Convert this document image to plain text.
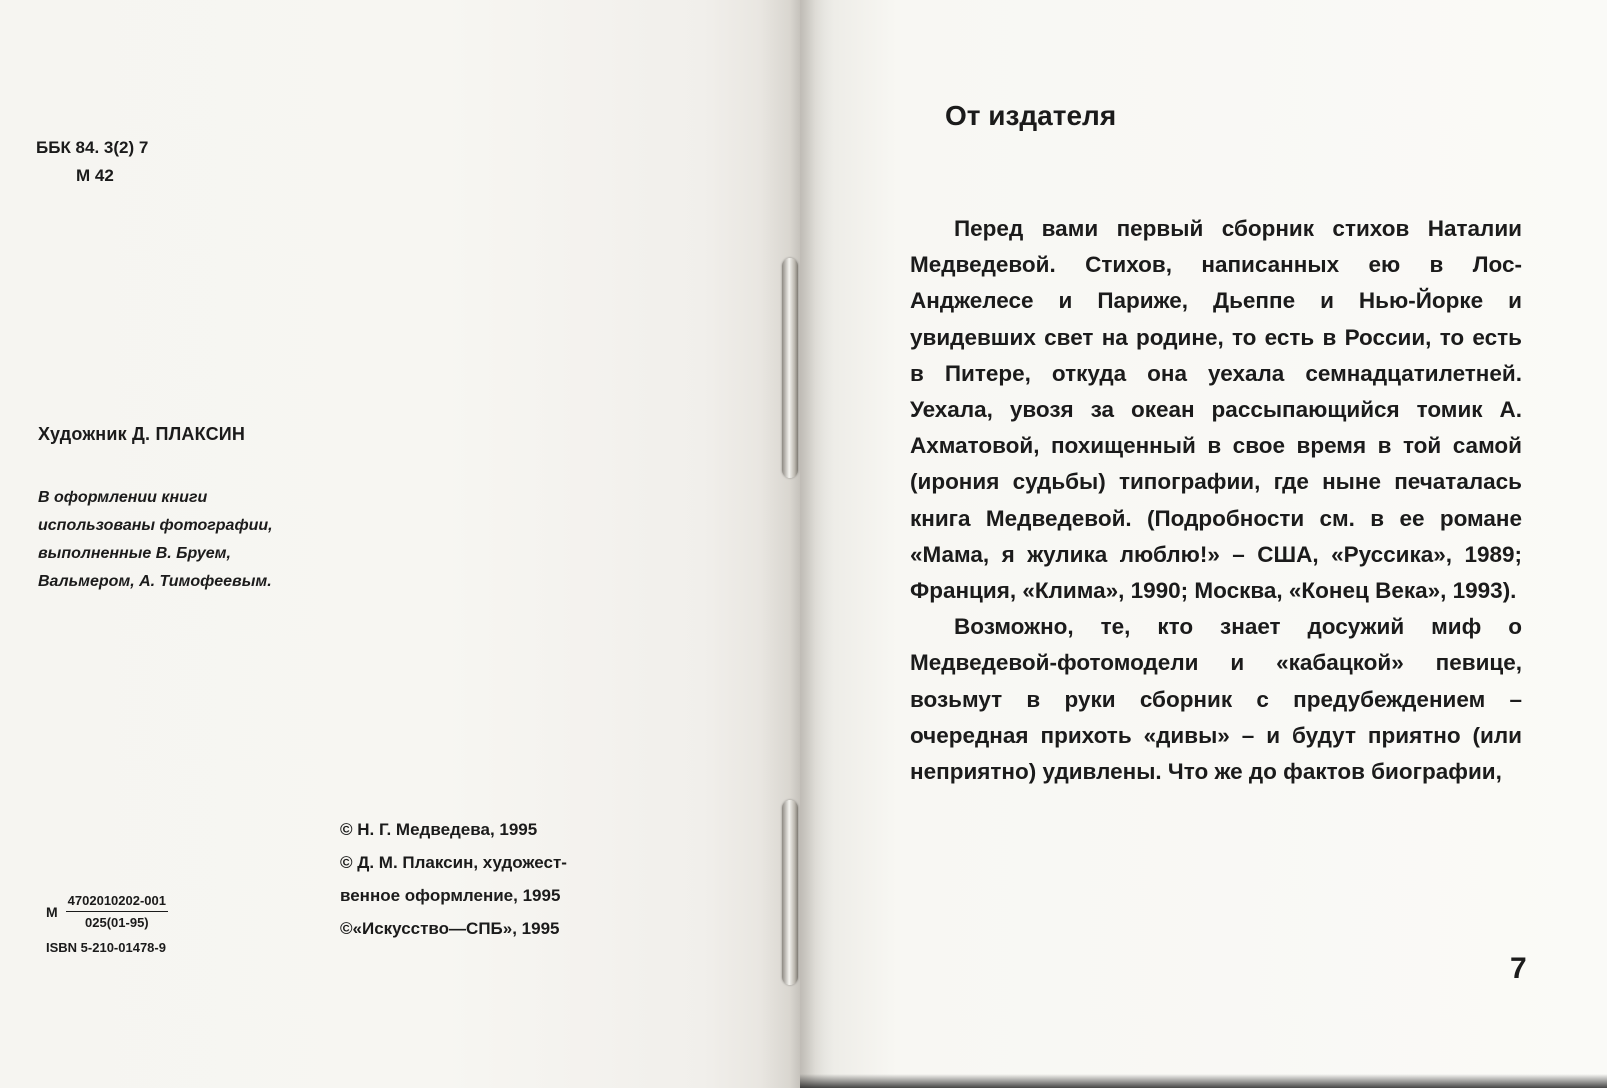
ББК 84. 3(2) 7
М 42
Художник Д. ПЛАКСИН
В оформлении книги
использованы фотографии,
выполненные В. Бруем,
Вальмером, А. Тимофеевым.
М $\frac{4702010202-001}{025(01-95)}$
ISBN 5-210-01478-9
© Н. Г. Медведева, 1995
© Д. М. Плаксин, художест-
венное оформление, 1995
©«Искусство—СПБ», 1995
От издателя

Перед вами первый сборник стихов Наталии Медведевой. Стихов, написанных ею в Лос-Анджелесе и Париже, Дьеппе и Нью-Йорке и увидевших свет на родине, то есть в России, то есть в Питере, откуда она уехала семнадцатилетней. Уехала, увозя за океан рассыпающийся томик А. Ахматовой, похищенный в свое время в той самой (ирония судьбы) типографии, где ныне печаталась книга Медведевой. (Подробности см. в ее романе «Мама, я жулика люблю!» – США, «Руссика», 1989; Франция, «Клима», 1990; Москва, «Конец Века», 1993).

Возможно, те, кто знает досужий миф о Медведевой-фотомодели и «кабацкой» певице, возьмут в руки сборник с предубеждением – очередная прихоть «дивы» – и будут приятно (или неприятно) удивлены. Что же до фактов биографии,

7
